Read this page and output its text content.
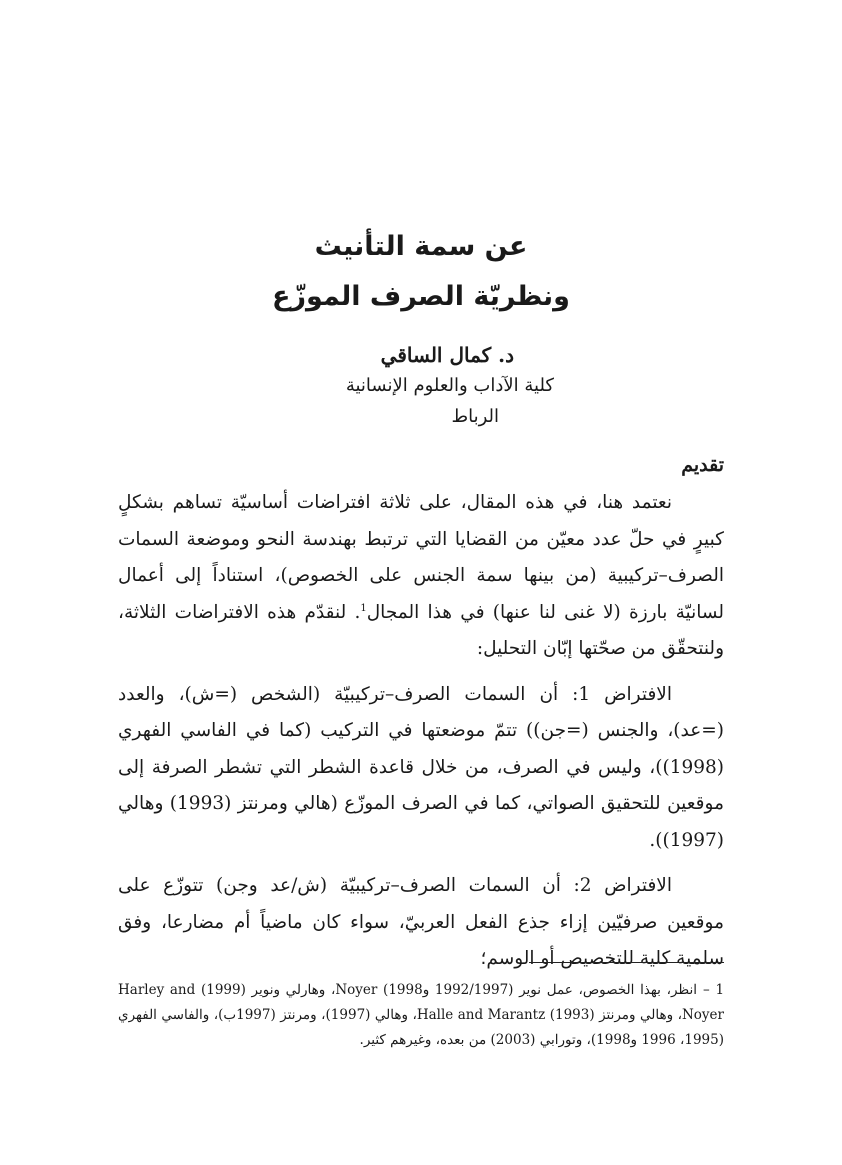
عن سمة التأنيث

ونظريّة الصرف الموزّع

د. كمال الساقي
كلية الآداب والعلوم الإنسانية
الرباط
تقديم

نعتمد هنا، في هذه المقال، على ثلاثة افتراضات أساسيّة تساهم بشكلٍ كبيرٍ في حلّ عدد معيّن من القضايا التي ترتبط بهندسة النحو وموضعة السمات الصرف–تركيبية (من بينها سمة الجنس على الخصوص)، استناداً إلى أعمال لسانيّة بارزة (لا غنى لنا عنها) في هذا المجال$^1$. لنقدّم هذه الافتراضات الثلاثة، ولنتحقّق من صحّتها إبّان التحليل:

الافتراض 1: أن السمات الصرف–تركيبيّة (الشخص (=ش)، والعدد (=عد)، والجنس (=جن)) تتمّ موضعتها في التركيب (كما في الفاسي الفهري (1998))، وليس في الصرف، من خلال قاعدة الشطر التي تشطر الصرفة إلى موقعين للتحقيق الصواتي، كما في الصرف الموزّع (هالي ومرنتز (1993) وهالي (1997)).

الافتراض 2: أن السمات الصرف–تركيبيّة (ش/عد وجن) تتوزّع على موقعين صرفيّين إزاء جذع الفعل العربيّ، سواء كان ماضياً أم مضارعا، وفق سلمية كلية للتخصيص أو الوسم؛

1 –انظر، بهذا الخصوص، عمل نوير (1992/1997 و1998) Noyer، وهارلي ونوير (1999) Harley and Noyer، وهالي ومرنتز (1993) Halle and Marantz، وهالي (1997)، ومرنتز (1997ب)، والفاسي الفهري (1995، 1996 و1998)، وتورابي (2003) من بعده، وغيرهم كثير.
